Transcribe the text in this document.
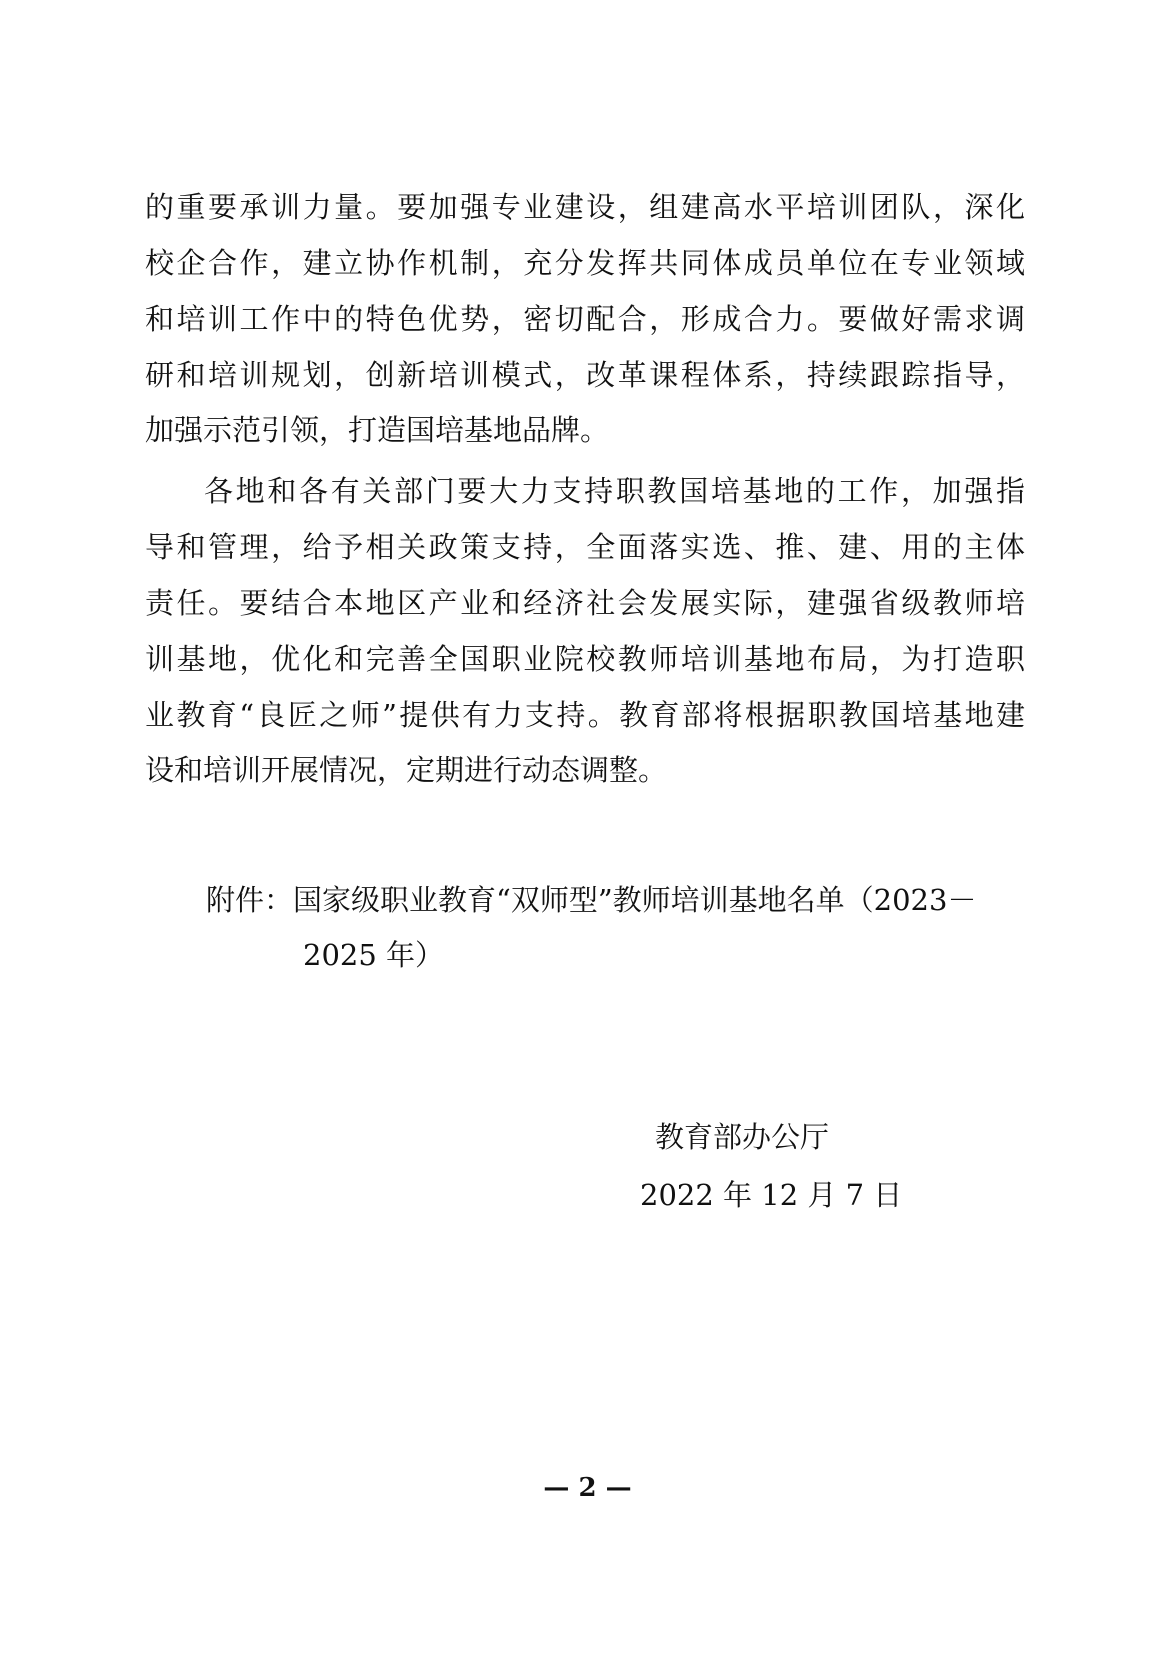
的重要承训力量。要加强专业建设，组建高水平培训团队，深化
校企合作，建立协作机制，充分发挥共同体成员单位在专业领域
和培训工作中的特色优势，密切配合，形成合力。要做好需求调
研和培训规划，创新培训模式，改革课程体系，持续跟踪指导，
加强示范引领，打造国培基地品牌。
各地和各有关部门要大力支持职教国培基地的工作，加强指
导和管理，给予相关政策支持，全面落实选、推、建、用的主体
责任。要结合本地区产业和经济社会发展实际，建强省级教师培
训基地，优化和完善全国职业院校教师培训基地布局，为打造职
业教育“良匠之师”提供有力支持。教育部将根据职教国培基地建
设和培训开展情况，定期进行动态调整。
附件：国家级职业教育“双师型”教师培训基地名单（2023－
2025 年）
教育部办公厅
2022 年 12 月 7 日
— 2 —
